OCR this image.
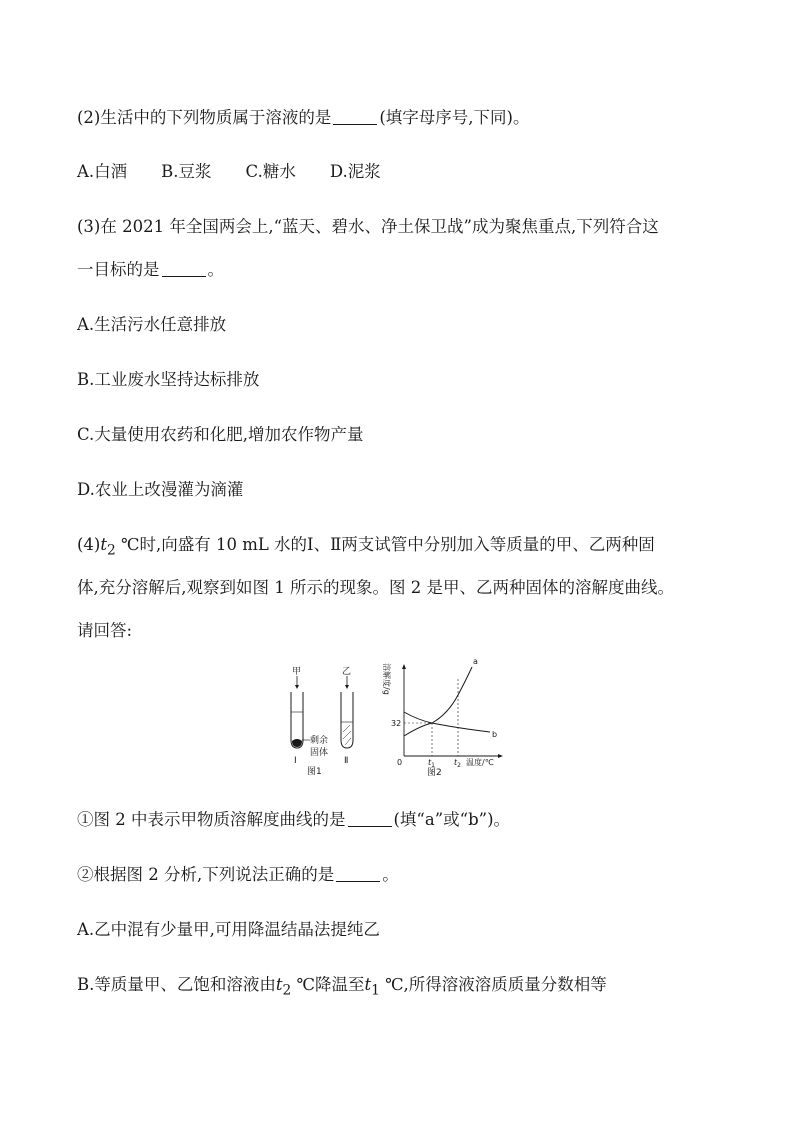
(2)生活中的下列物质属于溶液的是	(填字母序号,下同)。
A.白酒 B.豆浆 C.糖水 D.泥浆
(3)在 2021 年全国两会上,“蓝天、碧水、净土保卫战”成为聚焦重点,下列符合这
一目标的是	。
A.生活污水任意排放
B.工业废水坚持达标排放
C.大量使用农药和化肥,增加农作物产量
D.农业上改漫灌为滴灌
$(4)t_2$ ℃时,向盛有 10 mL 水的Ⅰ、Ⅱ两支试管中分别加入等质量的甲、乙两种固
体,充分溶解后,观察到如图 1 所示的现象。图 2 是甲、乙两种固体的溶解度曲线。
请回答:
甲
剩余
固体
Ⅰ
乙
Ⅱ
图1
溶解度/g
0
32
a
b
$t_1$ $t_2$ 温度/℃
图2
①图 2 中表示甲物质溶解度曲线的是	(填“a”或“b”)。
②根据图 2 分析,下列说法正确的是	。
A.乙中混有少量甲,可用降温结晶法提纯乙
B.等质量甲、乙饱和溶液由$t_2$ ℃降温至$t_1$ ℃,所得溶液溶质质量分数相等
